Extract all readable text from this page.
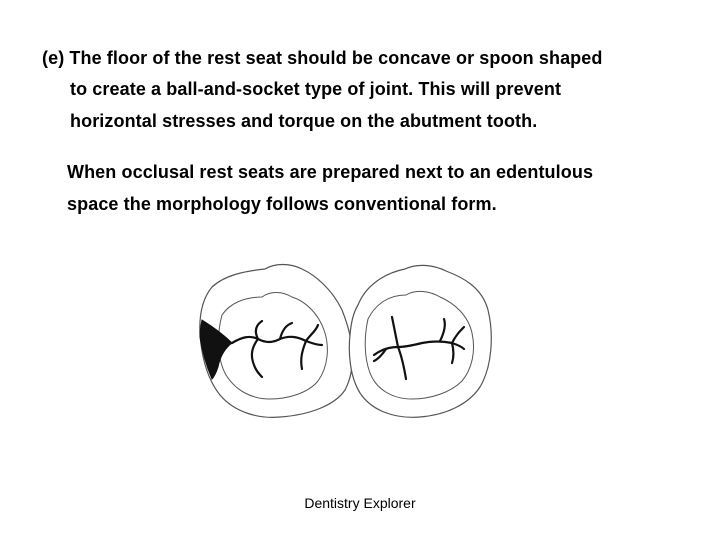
(e) The floor of the rest seat should be concave or spoon shaped
to create a ball-and-socket type of joint. This will prevent
horizontal stresses and torque on the abutment tooth.
When occlusal rest seats are prepared next to an edentulous
space the morphology follows conventional form.
Dentistry Explorer
